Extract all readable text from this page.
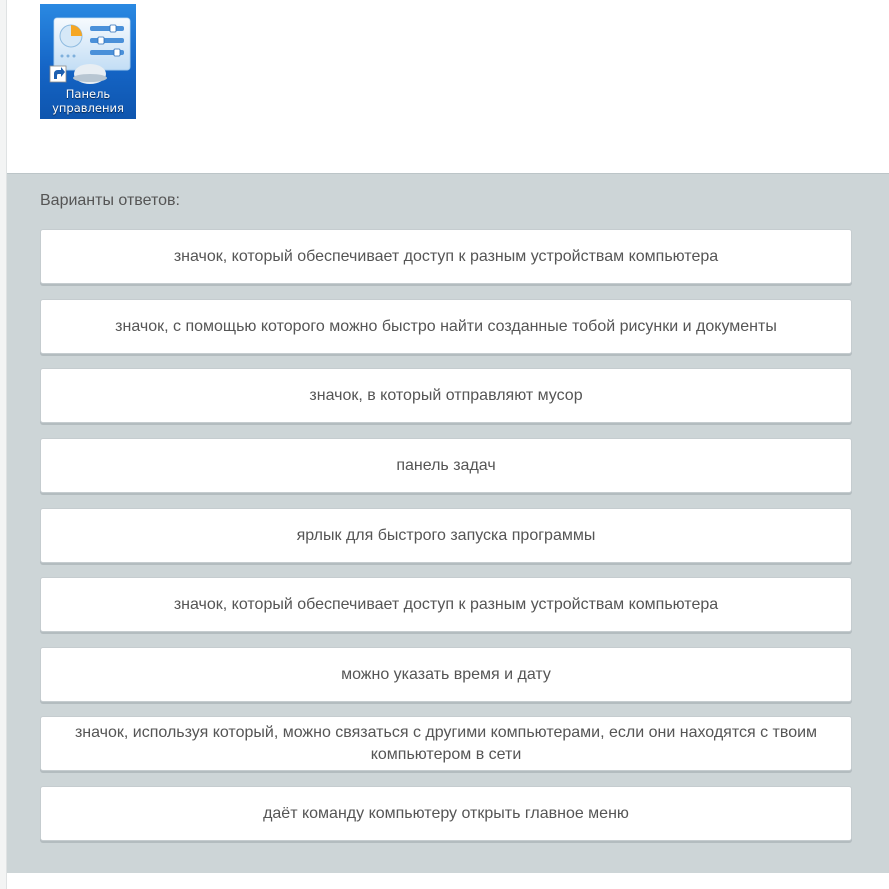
Панель
управления
Варианты ответов:
значок, который обеспечивает доступ к разным устройствам компьютера
значок, с помощью которого можно быстро найти созданные тобой рисунки и документы
значок, в который отправляют мусор
панель задач
ярлык для быстрого запуска программы
значок, который обеспечивает доступ к разным устройствам компьютера
можно указать время и дату
значок, используя который, можно связаться с другими компьютерами, если они находятся с твоим компьютером в сети
даёт команду компьютеру открыть главное меню
